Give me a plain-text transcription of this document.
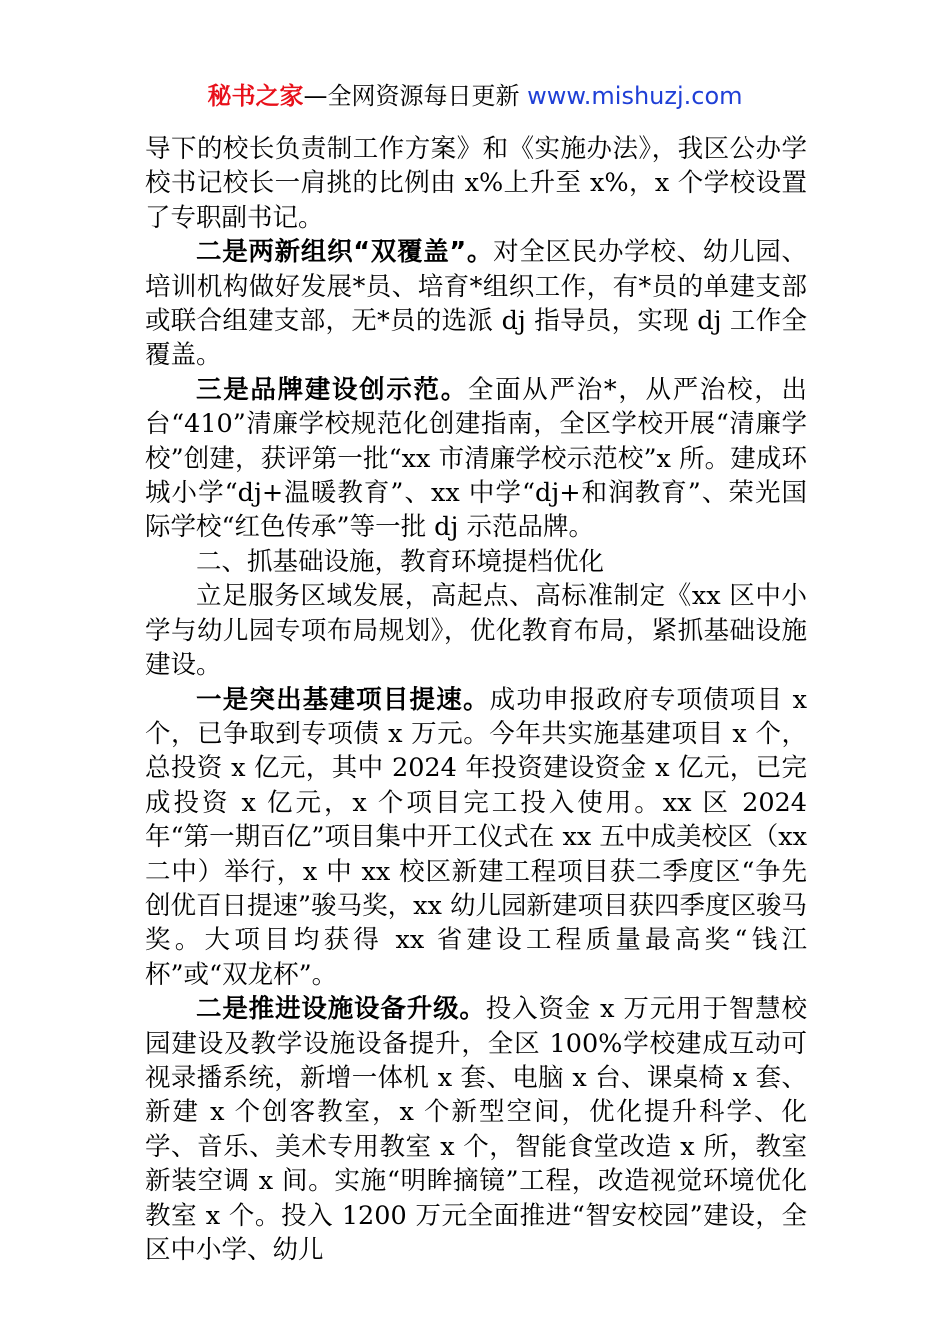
秘书之家—全网资源每日更新 www.mishuzj.com

导下的校长负责制工作方案》和《实施办法》，我区公办学校书记校长一肩挑的比例由 x%上升至 x%，x 个学校设置了专职副书记。

二是两新组织“双覆盖”。对全区民办学校、幼儿园、培训机构做好发展*员、培育*组织工作，有*员的单建支部或联合组建支部，无*员的选派 dj 指导员，实现 dj 工作全覆盖。

三是品牌建设创示范。全面从严治*，从严治校，出台“410”清廉学校规范化创建指南，全区学校开展“清廉学校”创建，获评第一批“xx 市清廉学校示范校”x 所。建成环城小学“dj+温暖教育”、xx 中学“dj+和润教育”、荣光国际学校“红色传承”等一批 dj 示范品牌。

二、抓基础设施，教育环境提档优化

立足服务区域发展，高起点、高标准制定《xx 区中小学与幼儿园专项布局规划》，优化教育布局，紧抓基础设施建设。

一是突出基建项目提速。成功申报政府专项债项目 x 个，已争取到专项债 x 万元。今年共实施基建项目 x 个，总投资 x 亿元，其中 2024 年投资建设资金 x 亿元，已完成投资 x 亿元，x 个项目完工投入使用。xx 区 2024 年“第一期百亿”项目集中开工仪式在 xx 五中成美校区（xx 二中）举行，x 中 xx 校区新建工程项目获二季度区“争先创优百日提速”骏马奖，xx 幼儿园新建项目获四季度区骏马奖。大项目均获得 xx 省建设工程质量最高奖“钱江杯”或“双龙杯”。

二是推进设施设备升级。投入资金 x 万元用于智慧校园建设及教学设施设备提升，全区 100%学校建成互动可视录播系统，新增一体机 x 套、电脑 x 台、课桌椅 x 套、新建 x 个创客教室，x 个新型空间，优化提升科学、化学、音乐、美术专用教室 x 个，智能食堂改造 x 所，教室新装空调 x 间。实施“明眸摘镜”工程，改造视觉环境优化教室 x 个。投入 1200 万元全面推进“智安校园”建设，全区中小学、幼儿
